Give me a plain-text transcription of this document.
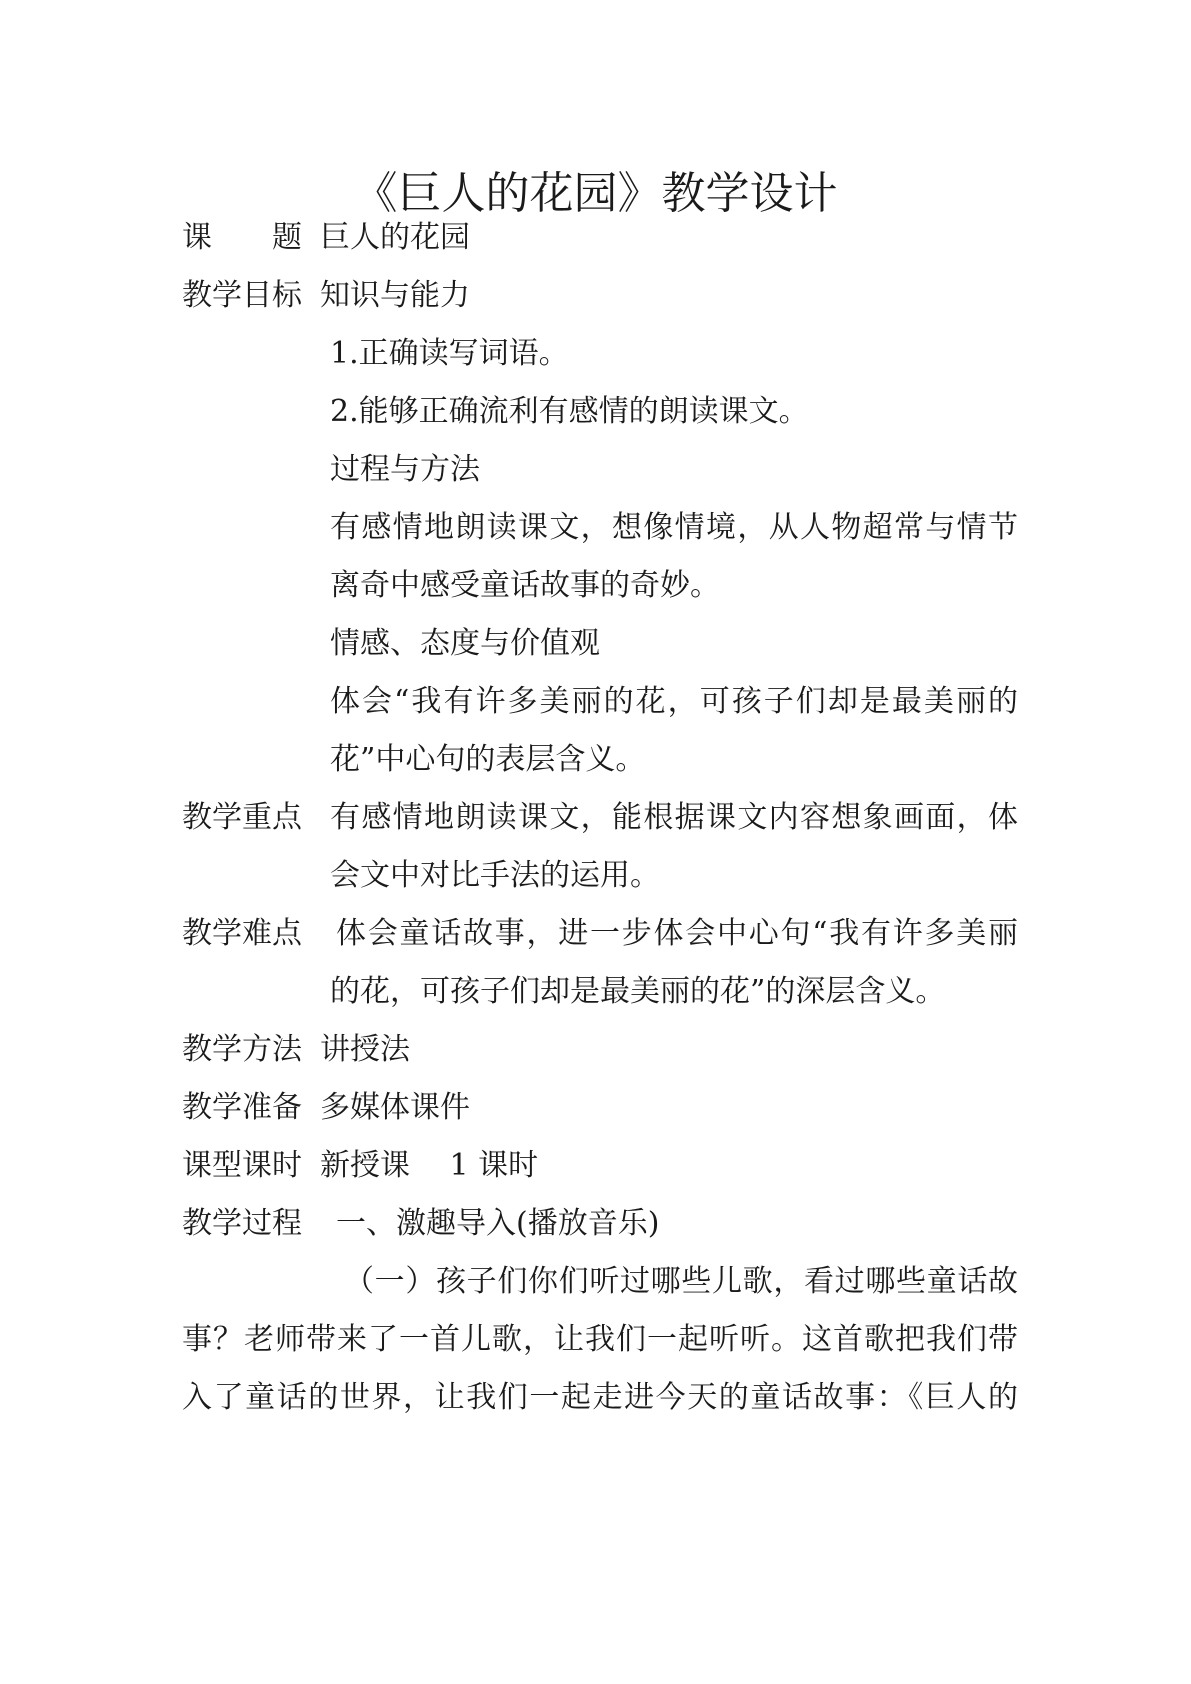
《巨人的花园》教学设计
课　　题 巨人的花园
教学目标 知识与能力
1.正确读写词语。
2.能够正确流利有感情的朗读课文。
过程与方法
有感情地朗读课文，想像情境，从人物超常与情节
离奇中感受童话故事的奇妙。
情感、态度与价值观
体会“我有许多美丽的花，可孩子们却是最美丽的
花”中心句的表层含义。
教学重点 有感情地朗读课文，能根据课文内容想象画面，体
会文中对比手法的运用。
教学难点 体会童话故事，进一步体会中心句“我有许多美丽
的花，可孩子们却是最美丽的花”的深层含义。
教学方法 讲授法
教学准备 多媒体课件
课型课时 新授课　 1 课时
教学过程 一、激趣导入(播放音乐)
（一）孩子们你们听过哪些儿歌，看过哪些童话故
事？老师带来了一首儿歌，让我们一起听听。这首歌把我们带
入了童话的世界，让我们一起走进今天的童话故事：《巨人的
